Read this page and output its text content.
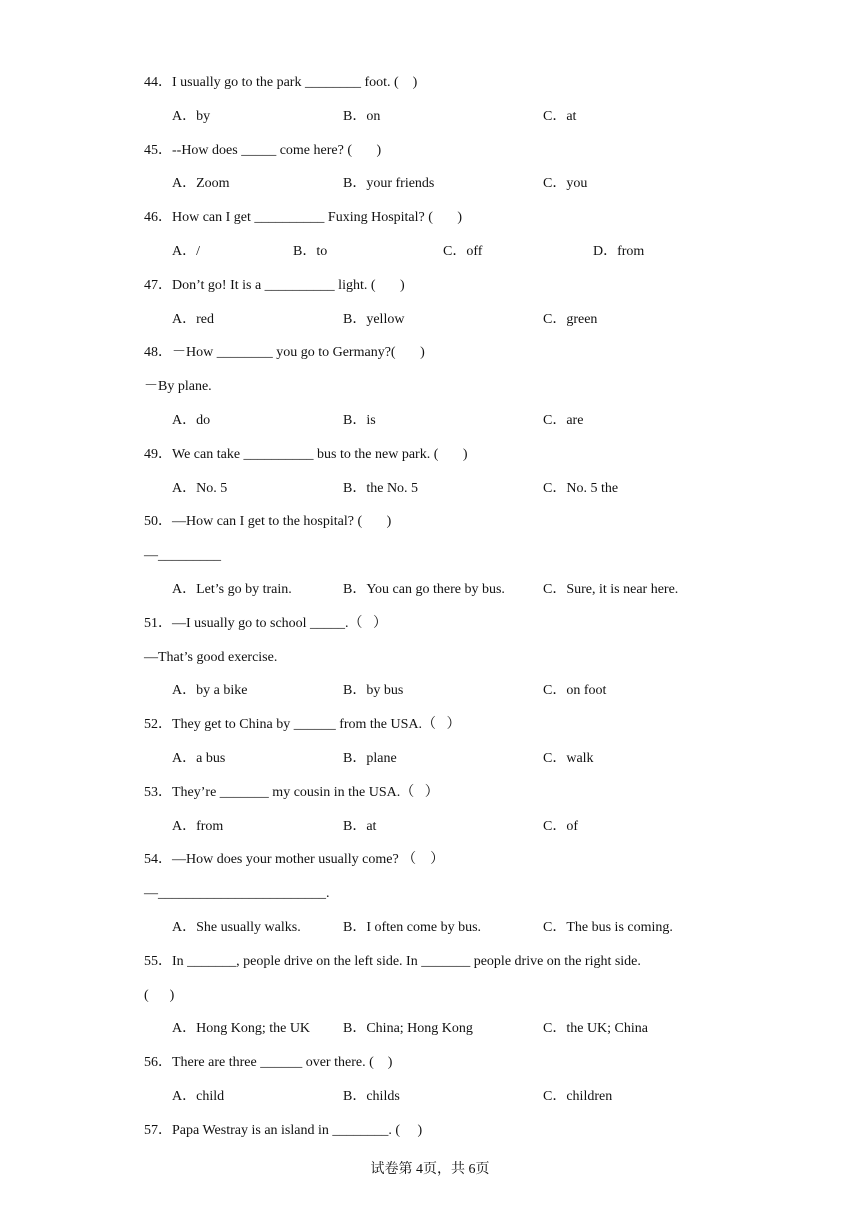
44．I usually go to the park ________ foot. (    )
A．by	B．on	C．at
45．--How does _____ come here? (       )
A．Zoom	B．your friends	C．you
46．How can I get __________ Fuxing Hospital? (       )
A．/	B．to	C．off	D．from
47．Don’t go! It is a __________ light. (       )
A．red	B．yellow	C．green
48．－How ________ you go to Germany?(       )
－By plane.
A．do	B．is	C．are
49．We can take __________ bus to the new park. (       )
A．No. 5	B．the No. 5	C．No. 5 the
50．—How can I get to the hospital? (       )
—_________
A．Let’s go by train.	B．You can go there by bus.	C．Sure, it is near here.
51．—I usually go to school _____.（   ）
—That’s good exercise.
A．by a bike	B．by bus	C．on foot
52．They get to China by ______ from the USA.（   ）
A．a bus	B．plane	C．walk
53．They’re _______ my cousin in the USA.（   ）
A．from	B．at	C．of
54．—How does your mother usually come? （    ）
—________________________.
A．She usually walks.	B．I often come by bus.	C．The bus is coming.
55．In _______, people drive on the left side. In _______ people drive on the right side.
(      )
A．Hong Kong; the UK B．China; Hong Kong	C．the UK; China
56．There are three ______ over there. (    )
A．child	B．childs	C．children
57．Papa Westray is an island in ________. (     )
试卷第 4页，共 6页
